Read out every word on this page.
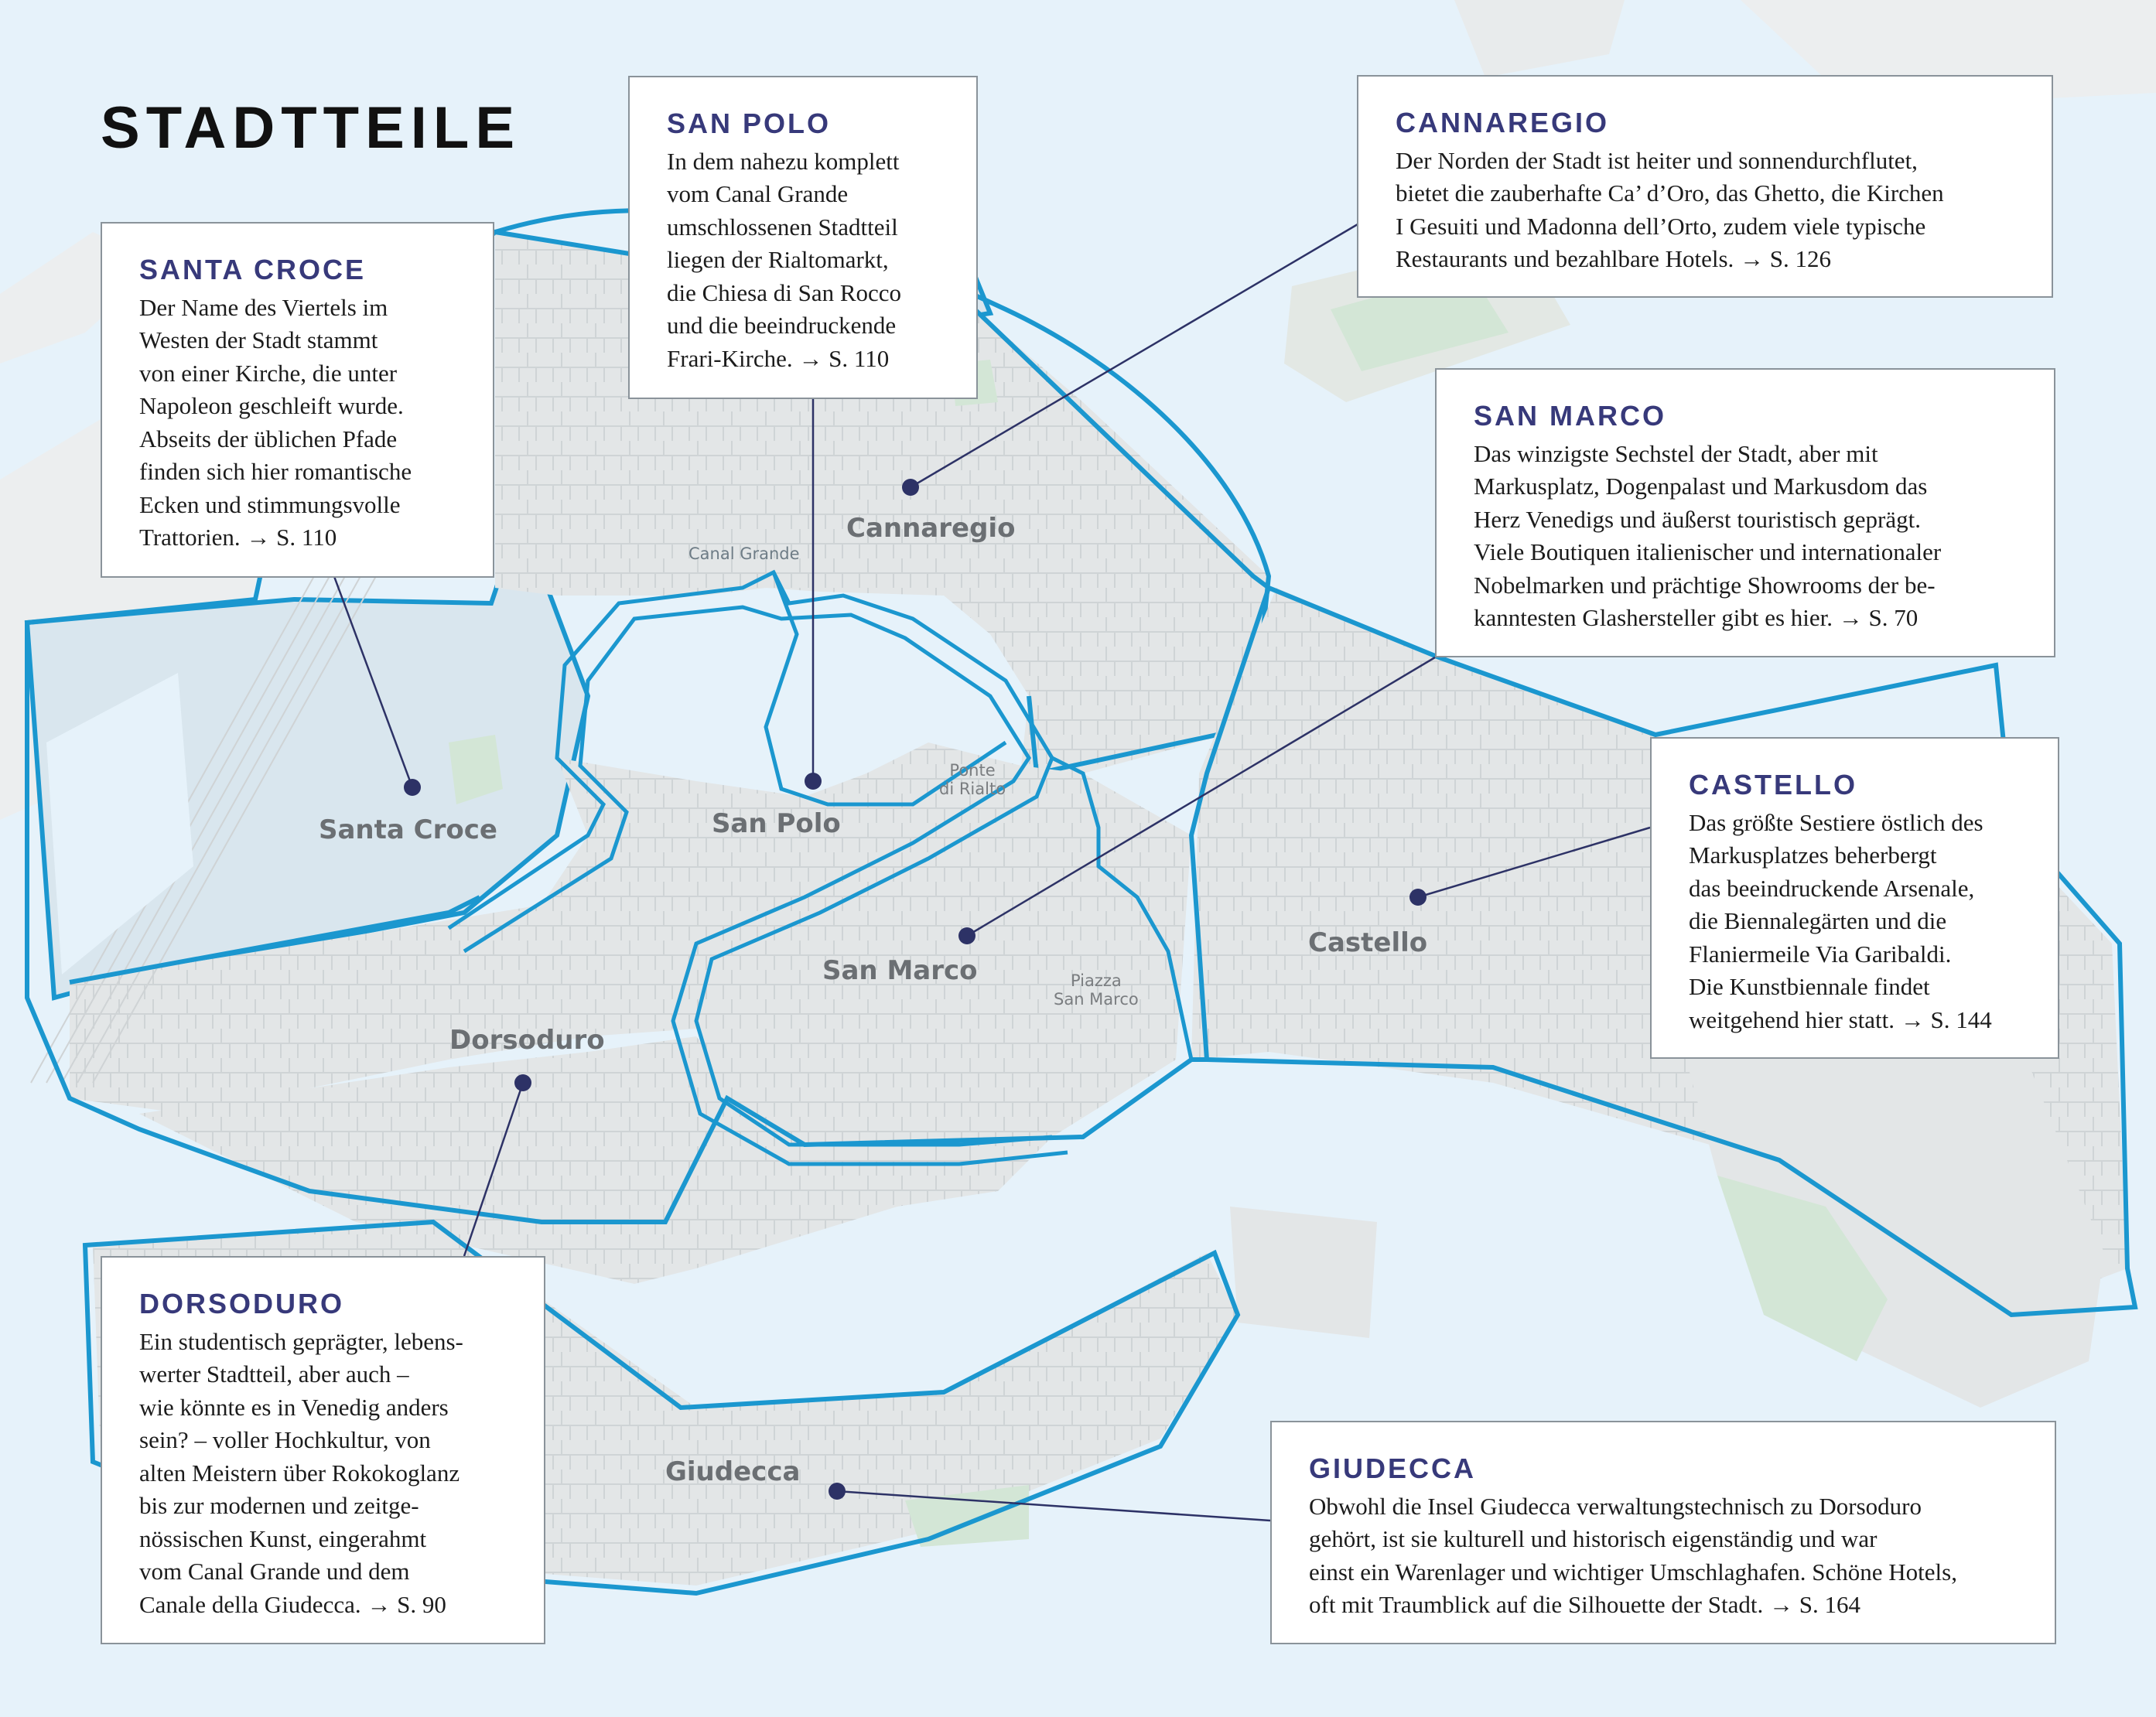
STADTTEILE
Santa Croce	San Polo
Cannaregio
San Marco
Castello
Dorsoduro
Giudecca
Canal Grande
Ponte
di Rialto
Piazza
San Marco
SANTA CROCE

Der Name des Viertels im
Westen der Stadt stammt
von einer Kirche, die unter
Napoleon geschleift wurde.
Abseits der üblichen Pfade
finden sich hier romantische
Ecken und stimmungsvolle
Trattorien. → S. 110

SAN POLO

In dem nahezu komplett
vom Canal Grande
umschlossenen Stadtteil
liegen der Rialtomarkt,
die Chiesa di San Rocco
und die beeindruckende
Frari-Kirche. → S. 110

CANNAREGIO

Der Norden der Stadt ist heiter und sonnendurchflutet,
bietet die zauberhafte Ca’ d’Oro, das Ghetto, die Kirchen
I Gesuiti und Madonna dell’Orto, zudem viele typische
Restaurants und bezahlbare Hotels. → S. 126

SAN MARCO

Das winzigste Sechstel der Stadt, aber mit
Markusplatz, Dogenpalast und Markusdom das
Herz Venedigs und äußerst touristisch geprägt.
Viele Boutiquen italienischer und internationaler
Nobelmarken und prächtige Showrooms der be-
kanntesten Glashersteller gibt es hier. → S. 70

CASTELLO

Das größte Sestiere östlich des
Markusplatzes beherbergt
das beeindruckende Arsenale,
die Biennalegärten und die
Flaniermeile Via Garibaldi.
Die Kunstbiennale findet
weitgehend hier statt. → S. 144

DORSODURO

Ein studentisch geprägter, lebens-
werter Stadtteil, aber auch –
wie könnte es in Venedig anders
sein? – voller Hochkultur, von
alten Meistern über Rokokoglanz
bis zur modernen und zeitge-
nössischen Kunst, eingerahmt
vom Canal Grande und dem
Canale della Giudecca. → S. 90

GIUDECCA

Obwohl die Insel Giudecca verwaltungstechnisch zu Dorsoduro
gehört, ist sie kulturell und historisch eigenständig und war
einst ein Warenlager und wichtiger Umschlaghafen. Schöne Hotels,
oft mit Traumblick auf die Silhouette der Stadt. → S. 164
